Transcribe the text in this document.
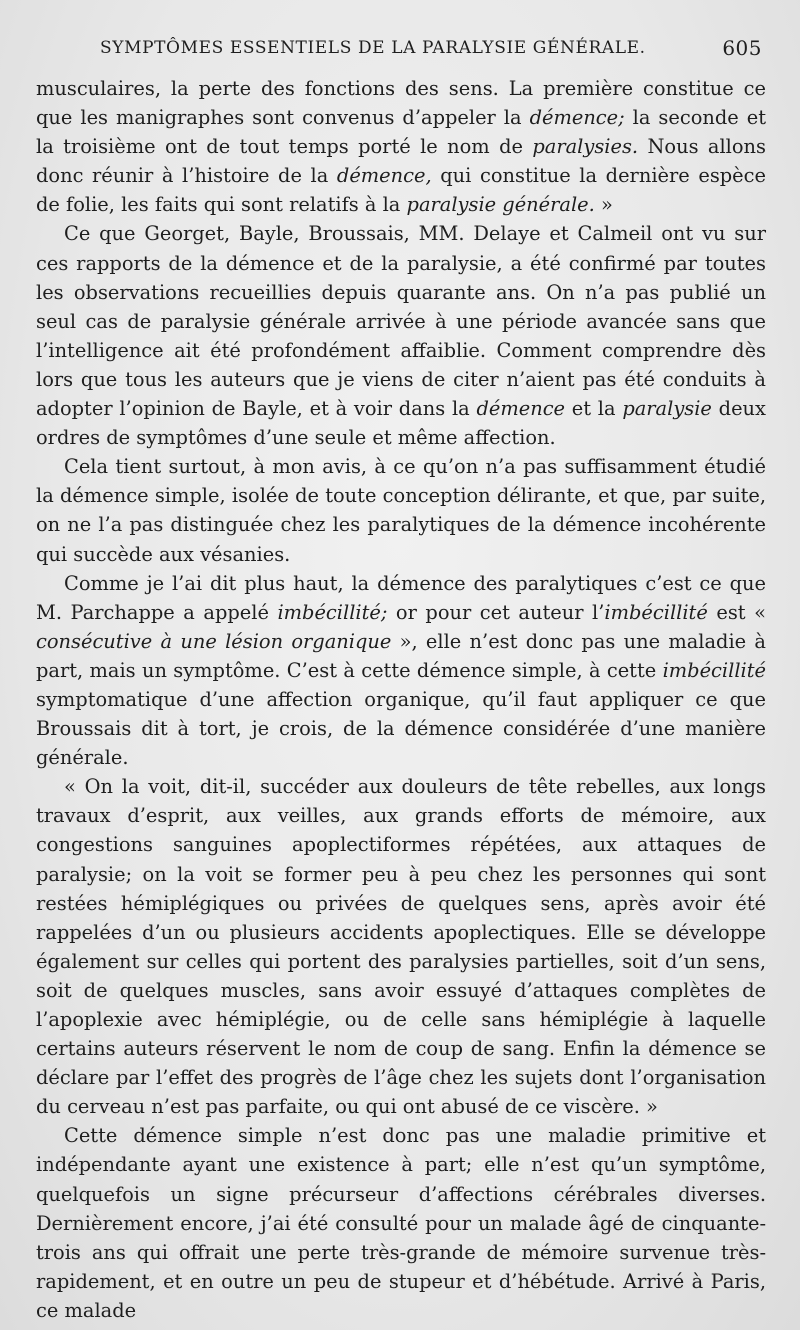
SYMPTÔMES ESSENTIELS DE LA PARALYSIE GÉNÉRALE.	605

musculaires, la perte des fonctions des sens. La première constitue ce que les manigraphes sont convenus d’appeler la démence; la seconde et la troisième ont de tout temps porté le nom de paralysies. Nous allons donc réunir à l’histoire de la démence, qui constitue la dernière espèce de folie, les faits qui sont relatifs à la paralysie générale. »

Ce que Georget, Bayle, Broussais, MM. Delaye et Calmeil ont vu sur ces rapports de la démence et de la paralysie, a été confirmé par toutes les observations recueillies depuis quarante ans. On n’a pas publié un seul cas de paralysie générale arrivée à une période avancée sans que l’intelligence ait été profondément affaiblie. Comment comprendre dès lors que tous les auteurs que je viens de citer n’aient pas été conduits à adopter l’opinion de Bayle, et à voir dans la démence et la paralysie deux ordres de symptômes d’une seule et même affection.

Cela tient surtout, à mon avis, à ce qu’on n’a pas suffisamment étudié la démence simple, isolée de toute conception délirante, et que, par suite, on ne l’a pas distinguée chez les paralytiques de la démence incohérente qui succède aux vésanies.

Comme je l’ai dit plus haut, la démence des paralytiques c’est ce que M. Parchappe a appelé imbécillité; or pour cet auteur l’imbécillité est « consécutive à une lésion organique », elle n’est donc pas une maladie à part, mais un symptôme. C’est à cette démence simple, à cette imbécillité symptomatique d’une affection organique, qu’il faut appliquer ce que Broussais dit à tort, je crois, de la démence considérée d’une manière générale.

« On la voit, dit-il, succéder aux douleurs de tête rebelles, aux longs travaux d’esprit, aux veilles, aux grands efforts de mémoire, aux congestions sanguines apoplectiformes répétées, aux attaques de paralysie; on la voit se former peu à peu chez les personnes qui sont restées hémiplégiques ou privées de quelques sens, après avoir été rappelées d’un ou plusieurs accidents apoplectiques. Elle se développe également sur celles qui portent des paralysies partielles, soit d’un sens, soit de quelques muscles, sans avoir essuyé d’attaques complètes de l’apoplexie avec hémiplégie, ou de celle sans hémiplégie à laquelle certains auteurs réservent le nom de coup de sang. Enfin la démence se déclare par l’effet des progrès de l’âge chez les sujets dont l’organisation du cerveau n’est pas parfaite, ou qui ont abusé de ce viscère. »

Cette démence simple n’est donc pas une maladie primitive et indépendante ayant une existence à part; elle n’est qu’un symptôme, quelquefois un signe précurseur d’affections cérébrales diverses. Dernièrement encore, j’ai été consulté pour un malade âgé de cinquante-trois ans qui offrait une perte très-grande de mémoire survenue très-rapidement, et en outre un peu de stupeur et d’hébétude. Arrivé à Paris, ce malade
